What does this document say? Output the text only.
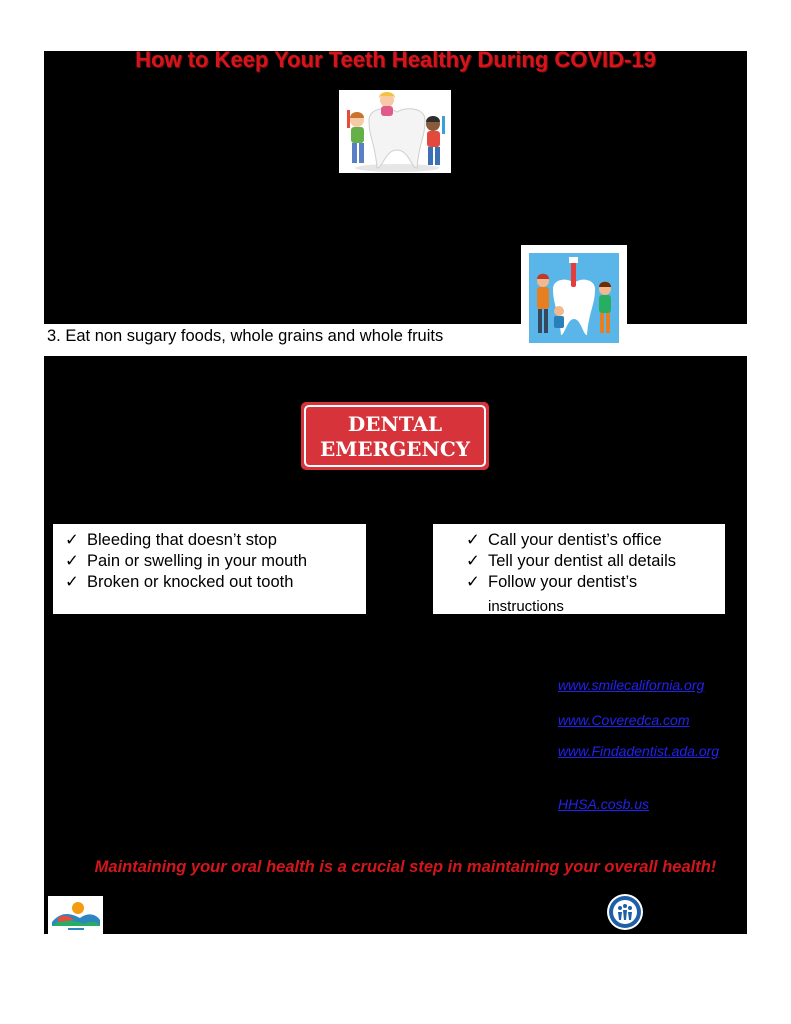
How to Keep Your Teeth Healthy During COVID-19
3. Eat non sugary foods, whole grains and whole fruits
DENTAL
EMERGENCY
✓ Bleeding that doesn’t stop
✓ Pain or swelling in your mouth
✓ Broken or knocked out tooth
✓ Call your dentist’s office
✓ Tell your dentist all details
✓ Follow your dentist’s
instructions
www.smilecalifornia.org
www.Coveredca.com
www.Findadentist.ada.org
HHSA.cosb.us
Maintaining your oral health is a crucial step in maintaining your overall health!
